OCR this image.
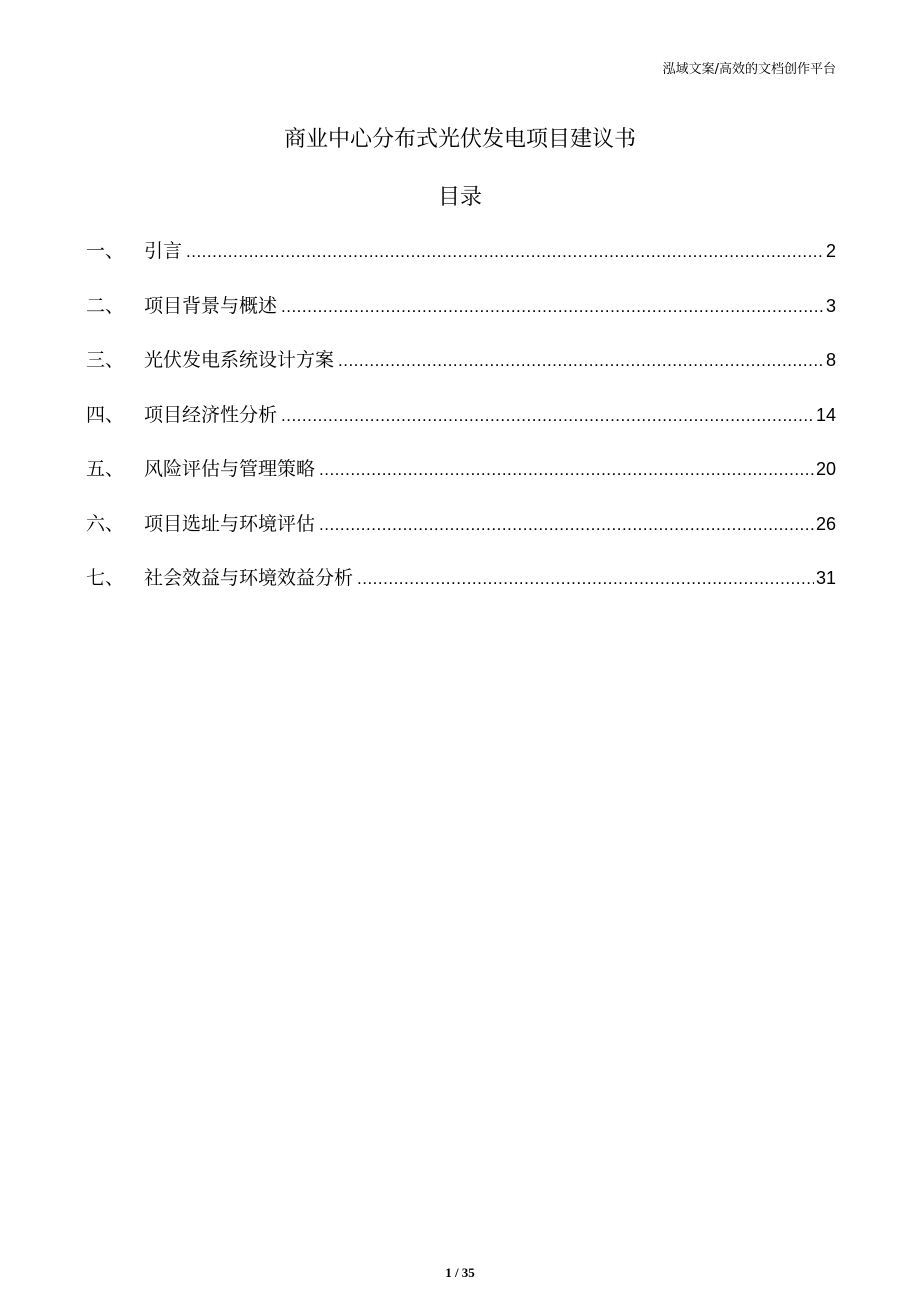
泓域文案/高效的文档创作平台
商业中心分布式光伏发电项目建议书
目录
一、	引言 .....	2
二、	项目背景与概述 .....	3
三、	光伏发电系统设计方案 .....	8
四、	项目经济性分析 .....	14
五、	风险评估与管理策略 .....	20
六、	项目选址与环境评估 .....	26
七、	社会效益与环境效益分析 .....	31
1 / 35
